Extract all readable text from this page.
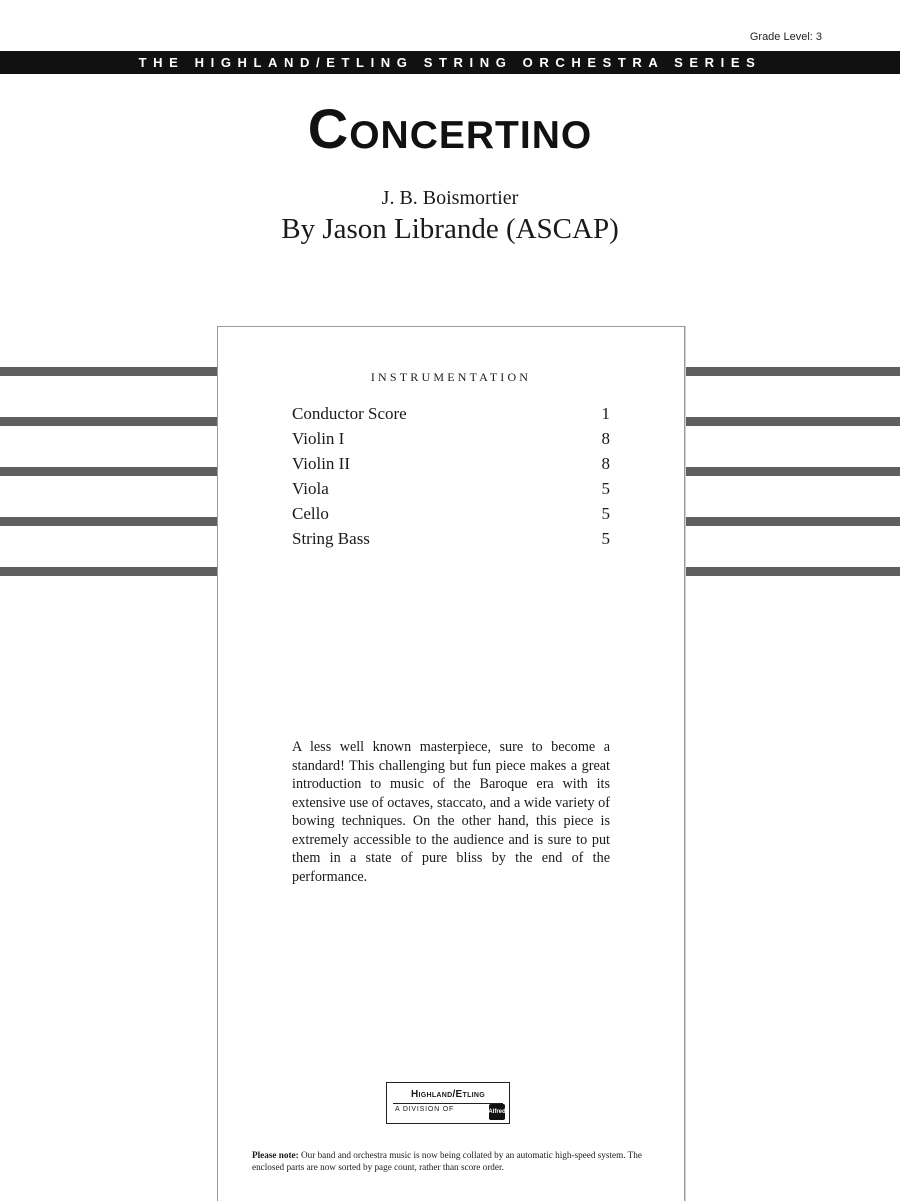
Grade Level: 3
THE HIGHLAND/ETLING STRING ORCHESTRA SERIES
Concertino
J. B. Boismortier
By Jason Librande (ASCAP)
INSTRUMENTATION
Conductor Score	1
Violin I	8
Violin II	8
Viola	5
Cello	5
String Bass	5

A less well known masterpiece, sure to become a standard! This challenging but fun piece makes a great introduction to music of the Baroque era with its extensive use of octaves, staccato, and a wide variety of bowing techniques. On the other hand, this piece is extremely accessible to the audience and is sure to put them in a state of pure bliss by the end of the performance.

Highland/Etling
A DIVISION OF	Alfred

Please note: Our band and orchestra music is now being collated by an automatic high-speed system. The enclosed parts are now sorted by page count, rather than score order.
